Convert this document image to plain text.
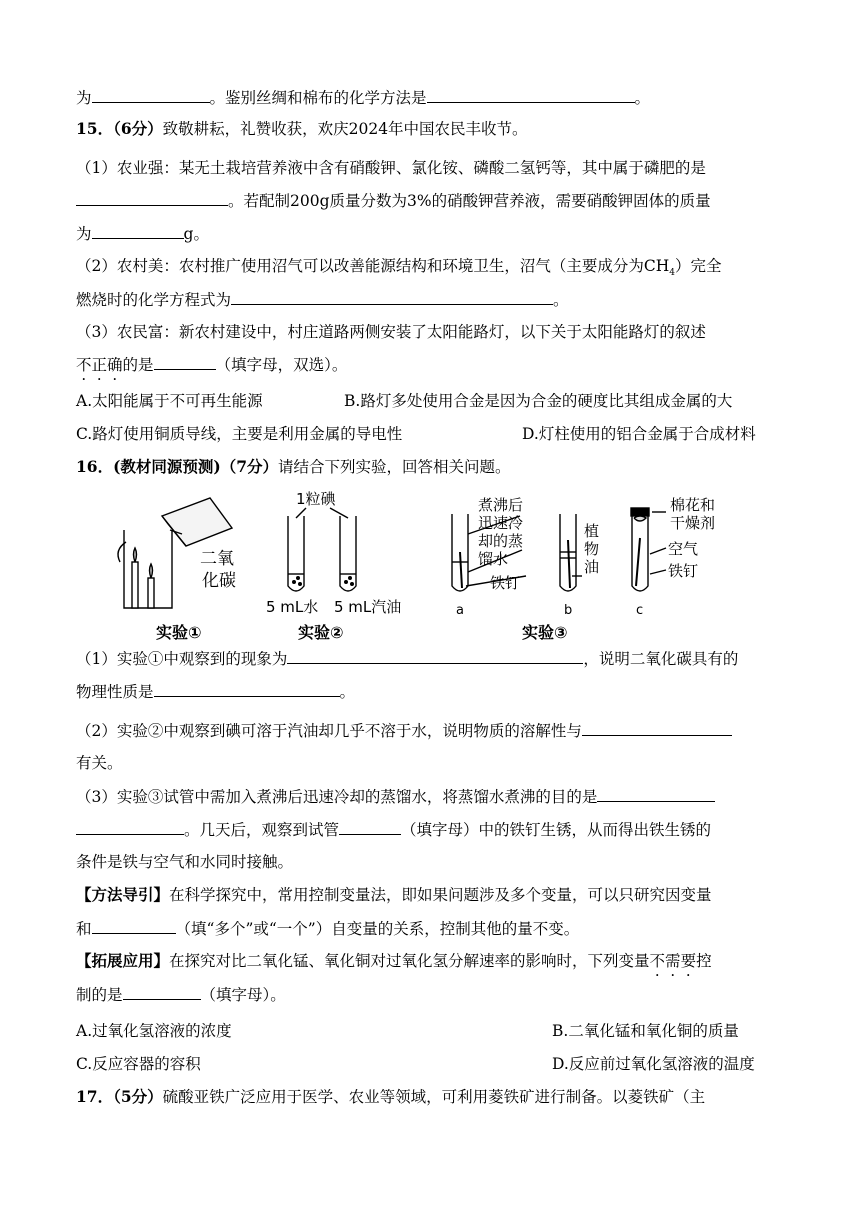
为	。鉴别丝绸和棉布的化学方法是	。
15．（6分）致敬耕耘，礼赞收获，欢庆2024年中国农民丰收节。
（1）农业强：某无土栽培营养液中含有硝酸钾、氯化铵、磷酸二氢钙等，其中属于磷肥的是
。若配制200g质量分数为3%的硝酸钾营养液，需要硝酸钾固体的质量
为	g。
（2）农村美：农村推广使用沼气可以改善能源结构和环境卫生，沼气（主要成分为$CH_4$）完全
燃烧时的化学方程式为	。
（3）农民富：新农村建设中，村庄道路两侧安装了太阳能路灯，以下关于太阳能路灯的叙述
不正确的是	（填字母，双选）。
A.太阳能属于不可再生能源	B.路灯多处使用合金是因为合金的硬度比其组成金属的大
C.路灯使用铜质导线，主要是利用金属的导电性	D.灯柱使用的铝合金属于合成材料
16．(教材同源预测)（7分）请结合下列实验，回答相关问题。
二氧
化碳
实验①
1粒碘
5 mL水 5 mL汽油
实验②
煮沸后
迅速冷
却的蒸
馏水
铁钉
植
物
油
棉花和
干燥剂
空气
铁钉
a	b	c
实验③
（1）实验①中观察到的现象为	，说明二氧化碳具有的
物理性质是	。
（2）实验②中观察到碘可溶于汽油却几乎不溶于水，说明物质的溶解性与
有关。
（3）实验③试管中需加入煮沸后迅速冷却的蒸馏水，将蒸馏水煮沸的目的是
。几天后，观察到试管	（填字母）中的铁钉生锈，从而得出铁生锈的
条件是铁与空气和水同时接触。
【方法导引】在科学探究中，常用控制变量法，即如果问题涉及多个变量，可以只研究因变量
和	（填“多个”或“一个”）自变量的关系，控制其他的量不变。
【拓展应用】在探究对比二氧化锰、氧化铜对过氧化氢分解速率的影响时，下列变量不需要控
制的是	（填字母）。
A.过氧化氢溶液的浓度	B.二氧化锰和氧化铜的质量
C.反应容器的容积	D.反应前过氧化氢溶液的温度
17．（5分）硫酸亚铁广泛应用于医学、农业等领域，可利用菱铁矿进行制备。以菱铁矿（主
